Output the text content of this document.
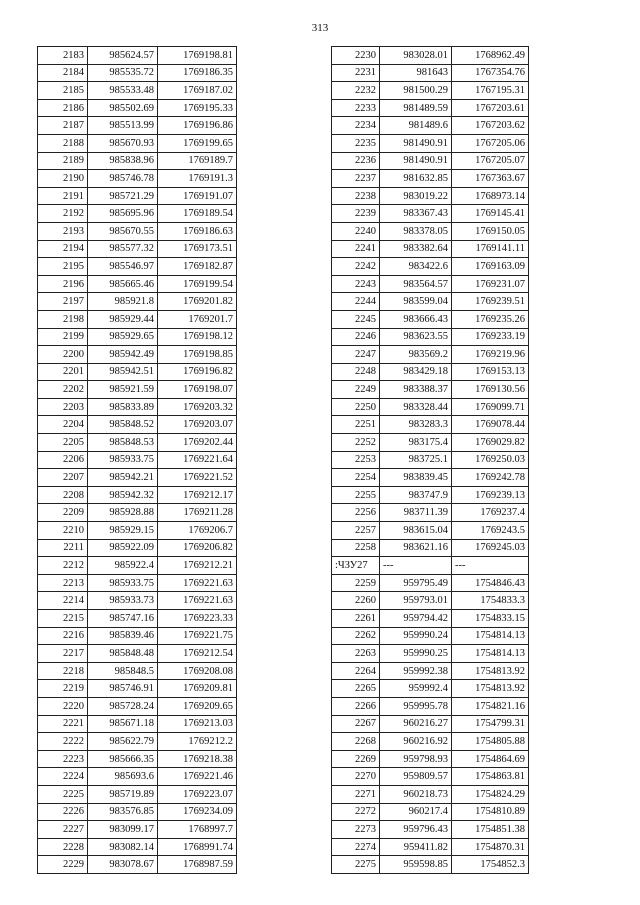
313
2183	985624.57	1769198.81
2184	985535.72	1769186.35
2185	985533.48	1769187.02
2186	985502.69	1769195.33
2187	985513.99	1769196.86
2188	985670.93	1769199.65
2189	985838.96	1769189.7
2190	985746.78	1769191.3
2191	985721.29	1769191.07
2192	985695.96	1769189.54
2193	985670.55	1769186.63
2194	985577.32	1769173.51
2195	985546.97	1769182.87
2196	985665.46	1769199.54
2197	985921.8	1769201.82
2198	985929.44	1769201.7
2199	985929.65	1769198.12
2200	985942.49	1769198.85
2201	985942.51	1769196.82
2202	985921.59	1769198.07
2203	985833.89	1769203.32
2204	985848.52	1769203.07
2205	985848.53	1769202.44
2206	985933.75	1769221.64
2207	985942.21	1769221.52
2208	985942.32	1769212.17
2209	985928.88	1769211.28
2210	985929.15	1769206.7
2211	985922.09	1769206.82
2212	985922.4	1769212.21
2213	985933.75	1769221.63
2214	985933.73	1769221.63
2215	985747.16	1769223.33
2216	985839.46	1769221.75
2217	985848.48	1769212.54
2218	985848.5	1769208.08
2219	985746.91	1769209.81
2220	985728.24	1769209.65
2221	985671.18	1769213.03
2222	985622.79	1769212.2
2223	985666.35	1769218.38
2224	985693.6	1769221.46
2225	985719.89	1769223.07
2226	983576.85	1769234.09
2227	983099.17	1768997.7
2228	983082.14	1768991.74
2229	983078.67	1768987.59
2230	983028.01	1768962.49
2231	981643	1767354.76
2232	981500.29	1767195.31
2233	981489.59	1767203.61
2234	981489.6	1767203.62
2235	981490.91	1767205.06
2236	981490.91	1767205.07
2237	981632.85	1767363.67
2238	983019.22	1768973.14
2239	983367.43	1769145.41
2240	983378.05	1769150.05
2241	983382.64	1769141.11
2242	983422.6	1769163.09
2243	983564.57	1769231.07
2244	983599.04	1769239.51
2245	983666.43	1769235.26
2246	983623.55	1769233.19
2247	983569.2	1769219.96
2248	983429.18	1769153.13
2249	983388.37	1769130.56
2250	983328.44	1769099.71
2251	983283.3	1769078.44
2252	983175.4	1769029.82
2253	983725.1	1769250.03
2254	983839.45	1769242.78
2255	983747.9	1769239.13
2256	983711.39	1769237.4
2257	983615.04	1769243.5
2258	983621.16	1769245.03
:ЧЗУ27	---	---
2259	959795.49	1754846.43
2260	959793.01	1754833.3
2261	959794.42	1754833.15
2262	959990.24	1754814.13
2263	959990.25	1754814.13
2264	959992.38	1754813.92
2265	959992.4	1754813.92
2266	959995.78	1754821.16
2267	960216.27	1754799.31
2268	960216.92	1754805.88
2269	959798.93	1754864.69
2270	959809.57	1754863.81
2271	960218.73	1754824.29
2272	960217.4	1754810.89
2273	959796.43	1754851.38
2274	959411.82	1754870.31
2275	959598.85	1754852.3
